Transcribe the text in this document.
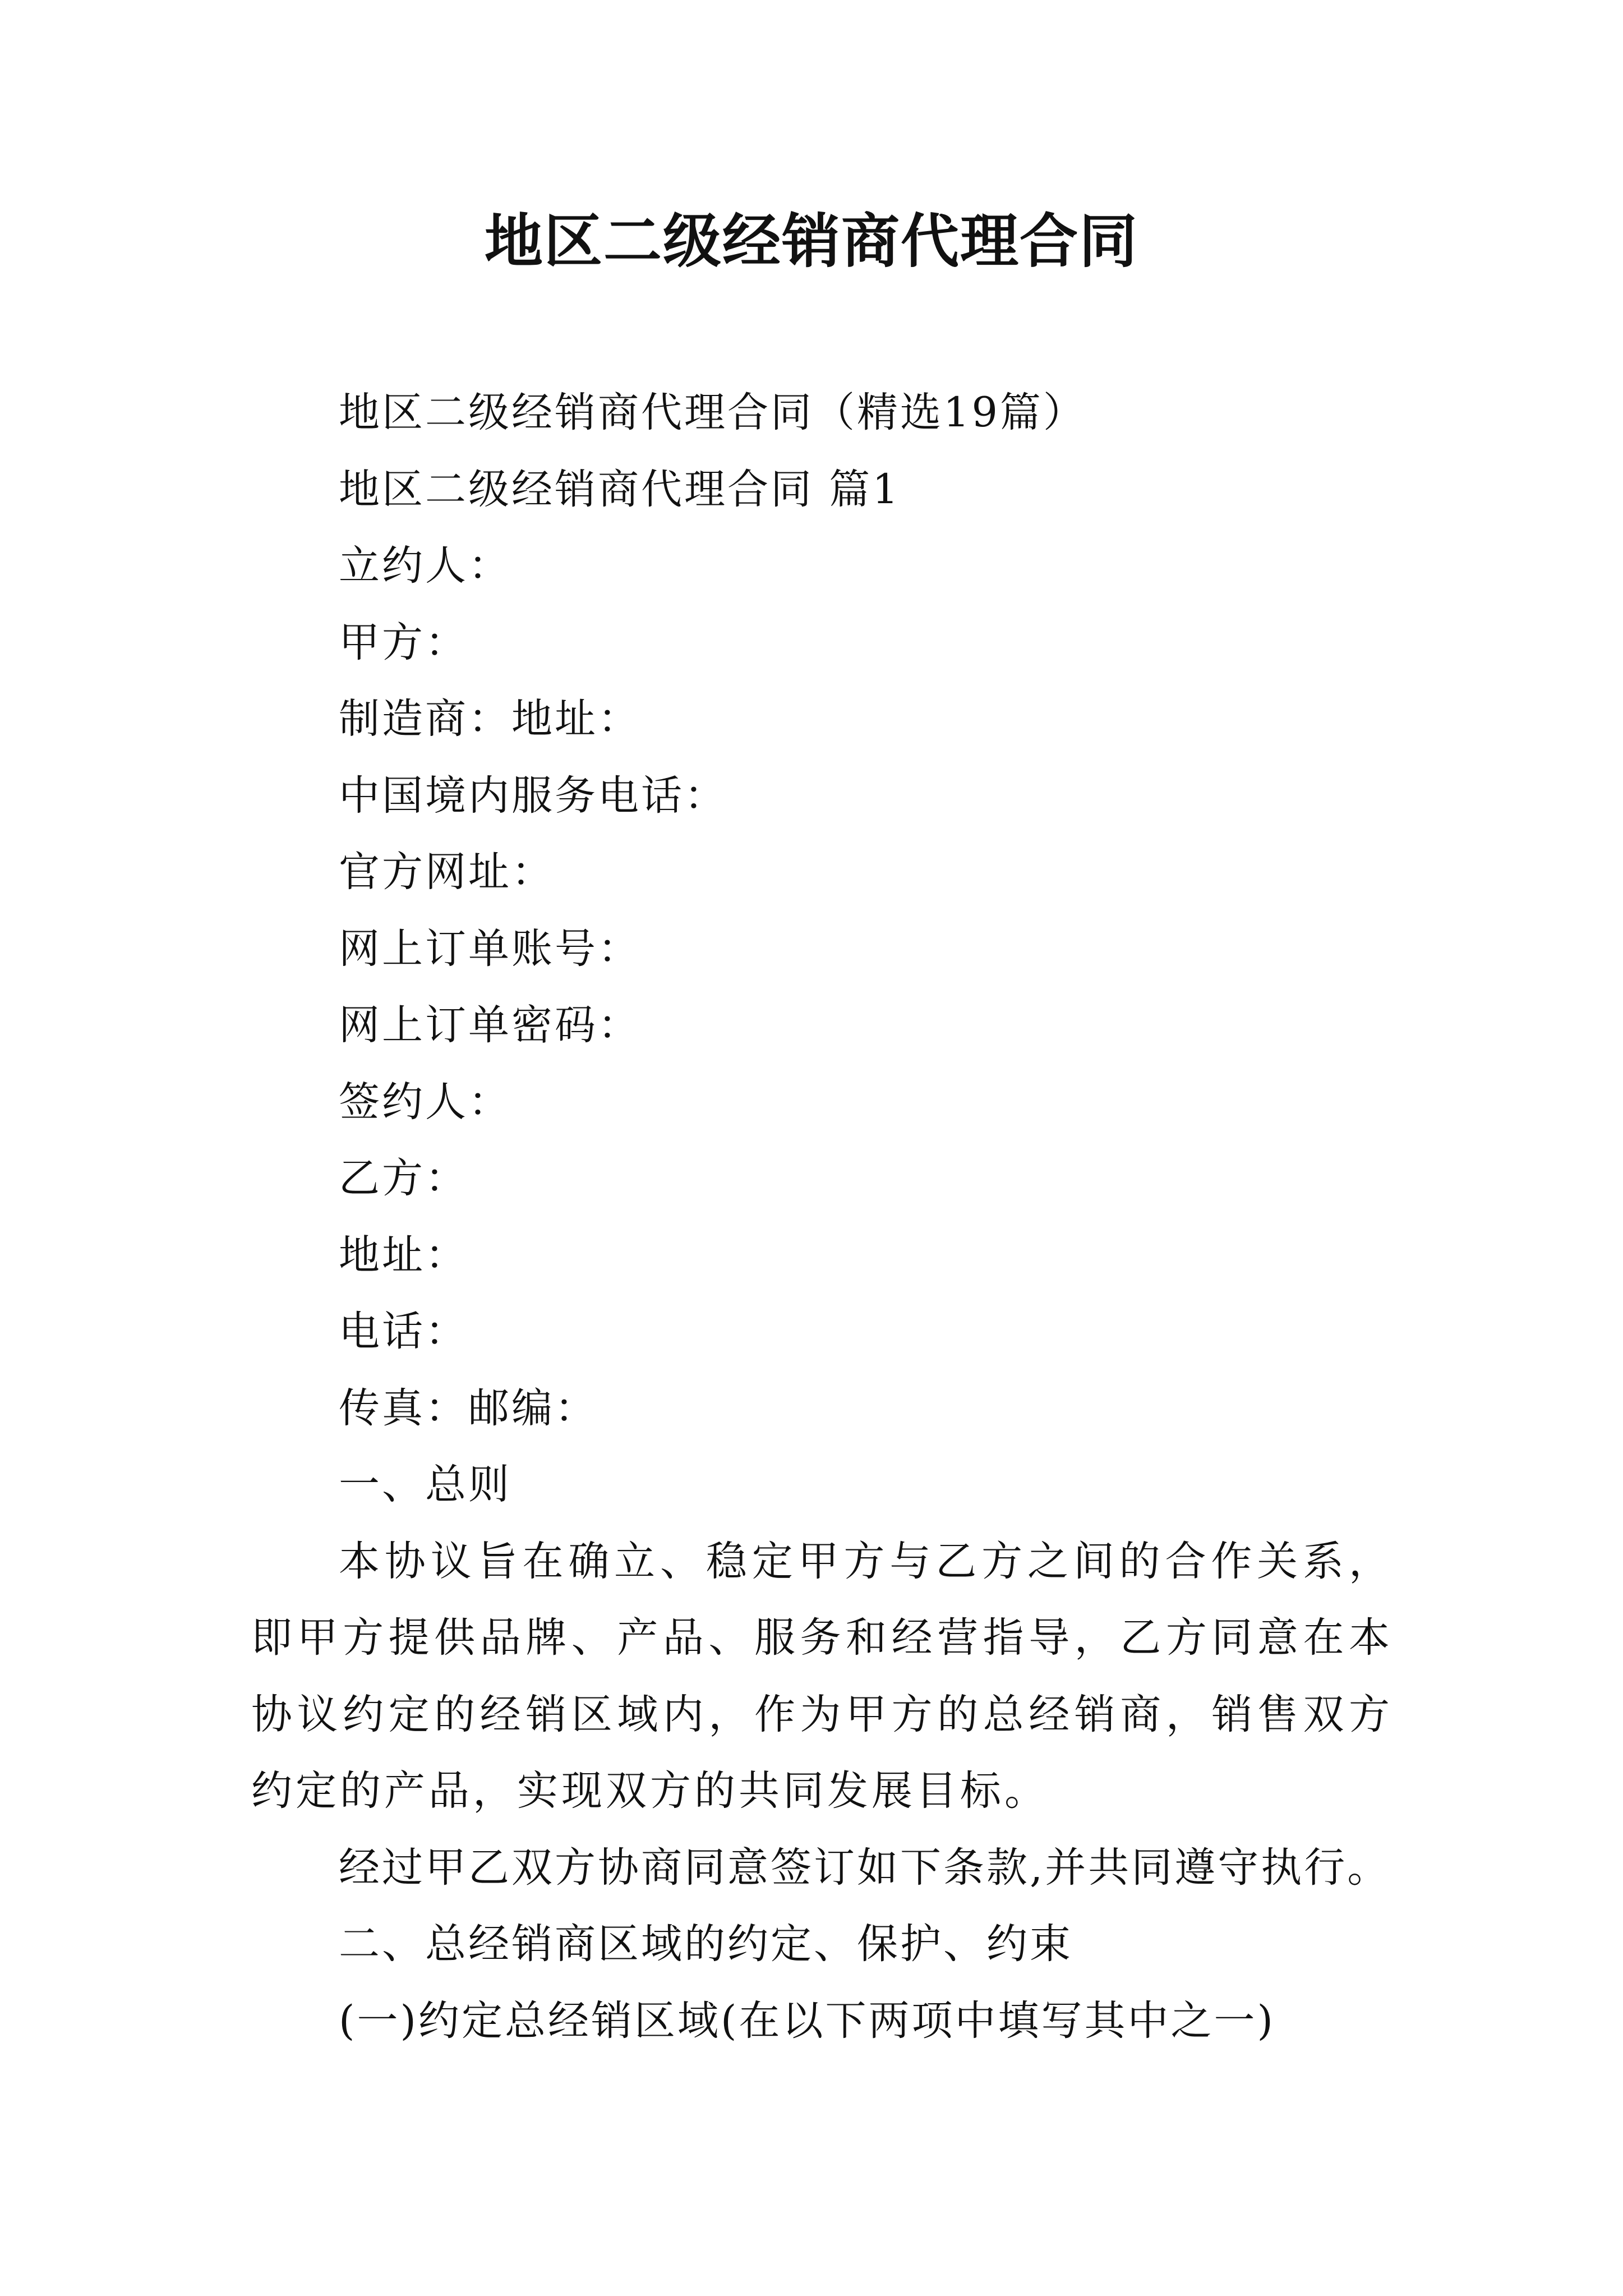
地区二级经销商代理合同

地区二级经销商代理合同（精选19篇）

地区二级经销商代理合同 篇1

立约人：

甲方：

制造商：地址：

中国境内服务电话：

官方网址：

网上订单账号：

网上订单密码：

签约人：

乙方：

地址：

电话：

传真：邮编：

一、总则

本协议旨在确立、稳定甲方与乙方之间的合作关系，即甲方提供品牌、产品、服务和经营指导，乙方同意在本协议约定的经销区域内，作为甲方的总经销商，销售双方约定的产品，实现双方的共同发展目标。

经过甲乙双方协商同意签订如下条款,并共同遵守执行。

二、总经销商区域的约定、保护、约束

(一)约定总经销区域(在以下两项中填写其中之一)
